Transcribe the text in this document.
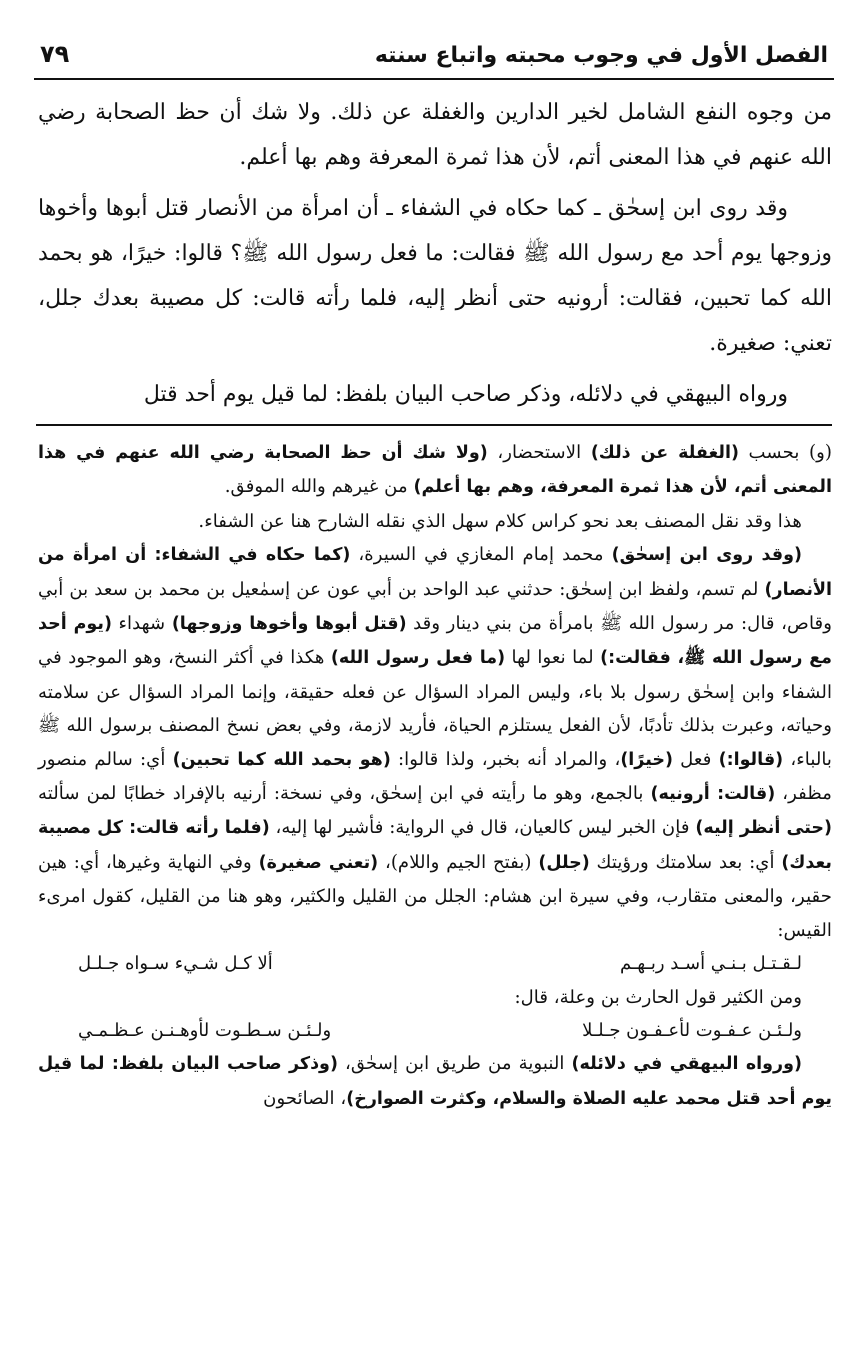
الفصل الأول في وجوب محبته واتباع سنته
٧٩

من وجوه النفع الشامل لخير الدارين والغفلة عن ذلك. ولا شك أن حظ الصحابة رضي الله عنهم في هذا المعنى أتم، لأن هذا ثمرة المعرفة وهم بها أعلم.

وقد روى ابن إسحٰق ـ كما حكاه في الشفاء ـ أن امرأة من الأنصار قتل أبوها وأخوها وزوجها يوم أحد مع رسول الله ﷺ فقالت: ما فعل رسول الله ﷺ؟ قالوا: خيرًا، هو بحمد الله كما تحبين، فقالت: أرونيه حتى أنظر إليه، فلما رأته قالت: كل مصيبة بعدك جلل، تعني: صغيرة.

ورواه البيهقي في دلائله، وذكر صاحب البيان بلفظ: لما قيل يوم أحد قتل

(و) بحسب (الغفلة عن ذلك) الاستحضار، (ولا شك أن حظ الصحابة رضي الله عنهم في هذا المعنى أتم، لأن هذا ثمرة المعرفة، وهم بها أعلم) من غيرهم والله الموفق.

هذا وقد نقل المصنف بعد نحو كراس كلام سهل الذي نقله الشارح هنا عن الشفاء.

(وقد روى ابن إسحٰق) محمد إمام المغازي في السيرة، (كما حكاه في الشفاء: أن امرأة من الأنصار) لم تسم، ولفظ ابن إسحٰق: حدثني عبد الواحد بن أبي عون عن إسمٰعيل بن محمد بن سعد بن أبي وقاص، قال: مر رسول الله ﷺ بامرأة من بني دينار وقد (قتل أبوها وأخوها وزوجها) شهداء (يوم أحد مع رسول الله ﷺ، فقالت:) لما نعوا لها (ما فعل رسول الله) هكذا في أكثر النسخ، وهو الموجود في الشفاء وابن إسحٰق رسول بلا باء، وليس المراد السؤال عن فعله حقيقة، وإنما المراد السؤال عن سلامته وحياته، وعبرت بذلك تأدبًا، لأن الفعل يستلزم الحياة، فأريد لازمة، وفي بعض نسخ المصنف برسول الله ﷺ بالباء، (قالوا:) فعل (خيرًا)، والمراد أنه بخبر، ولذا قالوا: (هو بحمد الله كما تحبين) أي: سالم منصور مظفر، (قالت: أرونيه) بالجمع، وهو ما رأيته في ابن إسحٰق، وفي نسخة: أرنيه بالإفراد خطابًا لمن سألته (حتى أنظر إليه) فإن الخبر ليس كالعيان، قال في الرواية: فأشير لها إليه، (فلما رأته قالت: كل مصيبة بعدك) أي: بعد سلامتك ورؤيتك (جلل) (بفتح الجيم واللام)، (تعني صغيرة) وفي النهاية وغيرها، أي: هين حقير، والمعنى متقارب، وفي سيرة ابن هشام: الجلل من القليل والكثير، وهو هنا من القليل، كقول امرىء القيس:

لـقـتـل بـنـي أسـد ربـهـم
ألا كـل شـيء سـواه جـلـل

ومن الكثير قول الحارث بن وعلة، قال:

ولـئـن عـفـوت لأعـفـون جـلـلا
ولـئـن سـطـوت لأوهـنـن عـظـمـي

(ورواه البيهقي في دلائله) النبوية من طريق ابن إسحٰق، (وذكر صاحب البيان بلفظ: لما قيل يوم أحد قتل محمد عليه الصلاة والسلام، وكثرت الصوارخ)، الصائحون
